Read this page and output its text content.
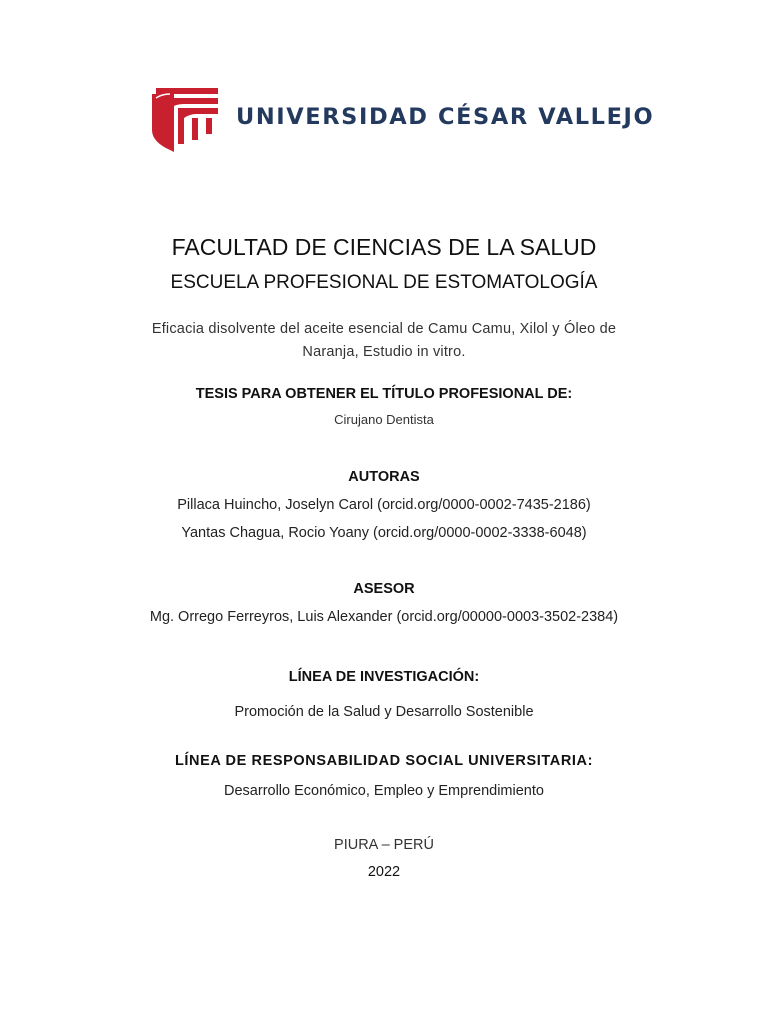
UNIVERSIDAD CÉSAR VALLEJO
FACULTAD DE CIENCIAS DE LA SALUD
ESCUELA PROFESIONAL DE ESTOMATOLOGÍA
Eficacia disolvente del aceite esencial de Camu Camu, Xilol y Óleo de
Naranja, Estudio in vitro.
TESIS PARA OBTENER EL TÍTULO PROFESIONAL DE:
Cirujano Dentista
AUTORAS
Pillaca Huincho, Joselyn Carol (orcid.org/0000-0002-7435-2186)
Yantas Chagua, Rocio Yoany (orcid.org/0000-0002-3338-6048)
ASESOR
Mg. Orrego Ferreyros, Luis Alexander (orcid.org/00000-0003-3502-2384)
LÍNEA DE INVESTIGACIÓN:
Promoción de la Salud y Desarrollo Sostenible
LÍNEA DE RESPONSABILIDAD SOCIAL UNIVERSITARIA:
Desarrollo Económico, Empleo y Emprendimiento
PIURA – PERÚ
2022
